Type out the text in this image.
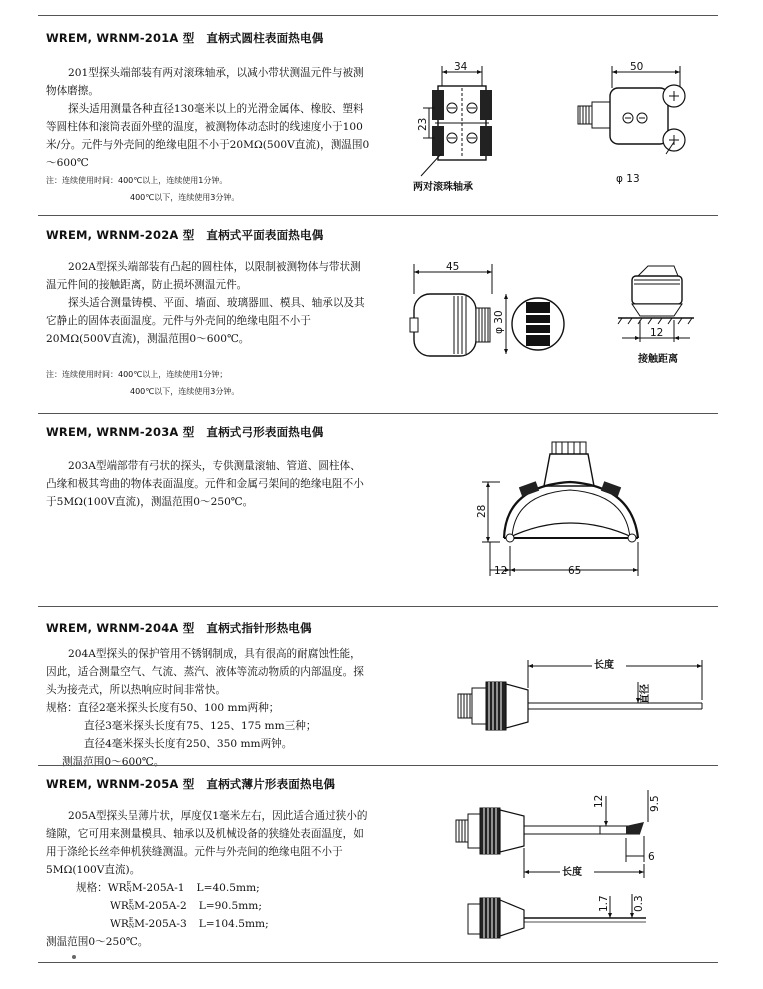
WREM, WRNM-201A 型 直柄式圆柱表面热电偶

201型探头端部装有两对滚珠轴承，以减小带状测温元件与被测物体磨擦。

探头适用测量各种直径130毫米以上的光滑金属体、橡胶、塑料等圆柱体和滚筒表面外壁的温度，被测物体动态时的线速度小于100米/分。元件与外壳间的绝缘电阻不小于20MΩ(500V直流)，测温围0～600℃

注：连续使用时间：400℃以上，连续使用1分钟。
400℃以下，连续使用3分钟。
34
23
两对滚珠轴承
50
φ 13
WREM, WRNM-202A 型 直柄式平面表面热电偶

202A型探头端部装有凸起的圆柱体，以限制被测物体与带状测温元件间的接触距离，防止损坏测温元件。

探头适合测量铸模、平面、墙面、玻璃器皿、模具、轴承以及其它静止的固体表面温度。元件与外壳间的绝缘电阻不小于20MΩ(500V直流)，测温范围0～600℃。

注：连续使用时间：400℃以上，连续使用1分钟；
400℃以下，连续使用3分钟。
45
φ 30	12
接触距离
WREM, WRNM-203A 型 直柄式弓形表面热电偶

203A型端部带有弓状的探头，专供测量滚轴、管道、圆柱体、凸缘和极其弯曲的物体表面温度。元件和金属弓架间的绝缘电阻不小于5MΩ(100V直流)，测温范围0～250℃。

28
12	65
WREM, WRNM-204A 型 直柄式指针形热电偶

204A型探头的保护管用不锈钢制成，具有很高的耐腐蚀性能，因此，适合测量空气、气流、蒸汽、液体等流动物质的内部温度。探头为接壳式，所以热响应时间非常快。

规格：直径2毫米探头长度有50、100 mm两种；

直径3毫米探头长度有75、125、175 mm三种；

直径4毫米探头长度有250、350 mm两钟。

测温范围0～600℃。

长度
直径
WREM, WRNM-205A 型 直柄式薄片形表面热电偶

205A型探头呈薄片状，厚度仅1毫米左右，因此适合通过狭小的缝隙，它可用来测量模具、轴承以及机械设备的狭缝处表面温度，如用于涤纶长丝牵伸机狭缝测温。元件与外壳间的绝缘电阻不小于5MΩ(100V直流)。

规格：WR E
N M-205A-1 L=40.5mm;
WR E
N M-205A-2 L=90.5mm;
WR E
N M-205A-3 L=104.5mm;

测温范围0～250℃。

12	9.5
6
长度
1.7 0.3
